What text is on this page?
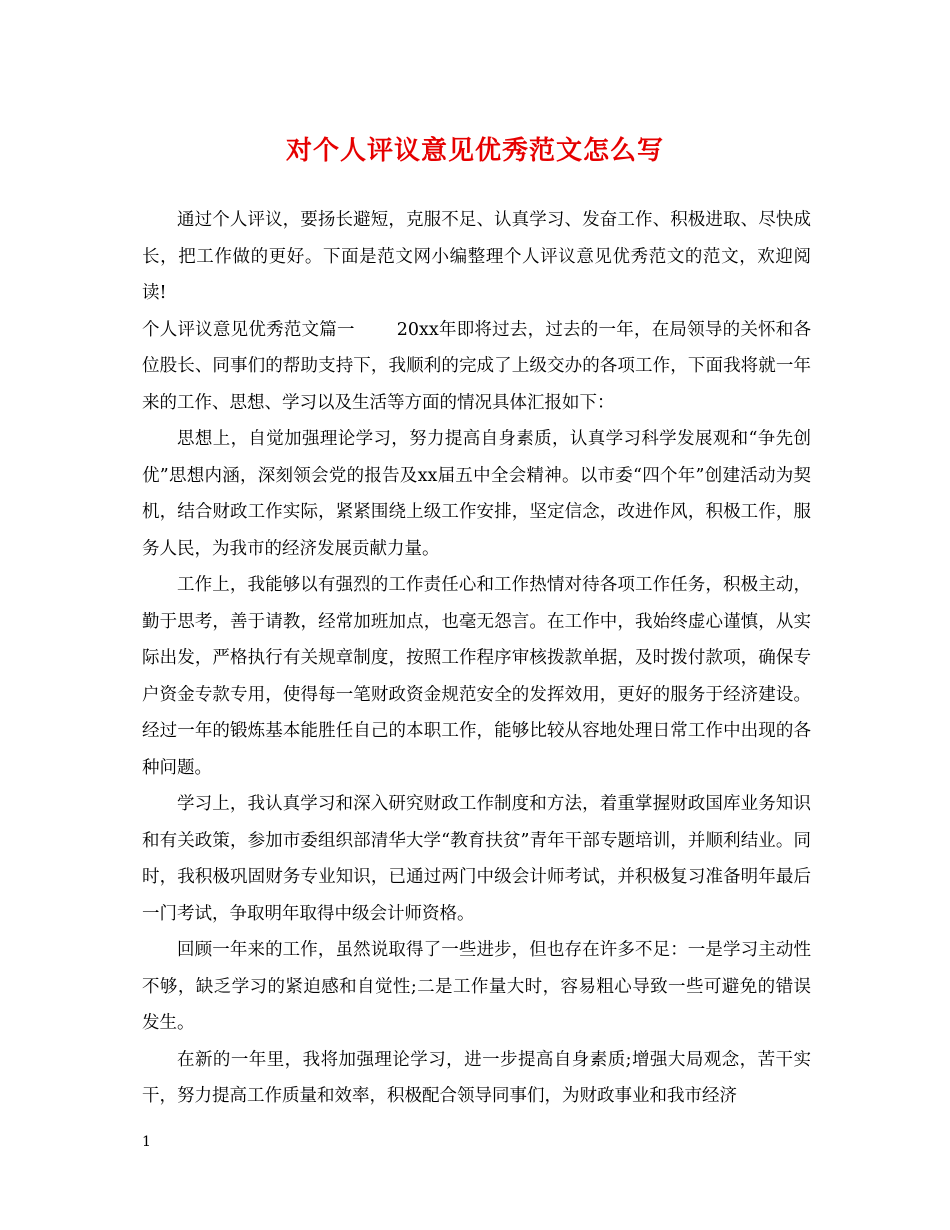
对个人评议意见优秀范文怎么写

通过个人评议，要扬长避短，克服不足、认真学习、发奋工作、积极进取、尽快成长，把工作做的更好。下面是范文网小编整理个人评议意见优秀范文的范文，欢迎阅读!

个人评议意见优秀范文篇一 20xx年即将过去，过去的一年，在局领导的关怀和各位股长、同事们的帮助支持下，我顺利的完成了上级交办的各项工作，下面我将就一年来的工作、思想、学习以及生活等方面的情况具体汇报如下：

思想上，自觉加强理论学习，努力提高自身素质，认真学习科学发展观和“争先创优”思想内涵，深刻领会党的报告及xx届五中全会精神。以市委“四个年”创建活动为契机，结合财政工作实际，紧紧围绕上级工作安排，坚定信念，改进作风，积极工作，服务人民，为我市的经济发展贡献力量。

工作上，我能够以有强烈的工作责任心和工作热情对待各项工作任务，积极主动，勤于思考，善于请教，经常加班加点，也毫无怨言。在工作中，我始终虚心谨慎，从实际出发，严格执行有关规章制度，按照工作程序审核拨款单据，及时拨付款项，确保专户资金专款专用，使得每一笔财政资金规范安全的发挥效用，更好的服务于经济建设。经过一年的锻炼基本能胜任自己的本职工作，能够比较从容地处理日常工作中出现的各种问题。

学习上，我认真学习和深入研究财政工作制度和方法，着重掌握财政国库业务知识和有关政策，参加市委组织部清华大学“教育扶贫”青年干部专题培训，并顺利结业。同时，我积极巩固财务专业知识，已通过两门中级会计师考试，并积极复习准备明年最后一门考试，争取明年取得中级会计师资格。

回顾一年来的工作，虽然说取得了一些进步，但也存在许多不足：一是学习主动性不够，缺乏学习的紧迫感和自觉性;二是工作量大时，容易粗心导致一些可避免的错误发生。

在新的一年里，我将加强理论学习，进一步提高自身素质;增强大局观念，苦干实干，努力提高工作质量和效率，积极配合领导同事们，为财政事业和我市经济

1
